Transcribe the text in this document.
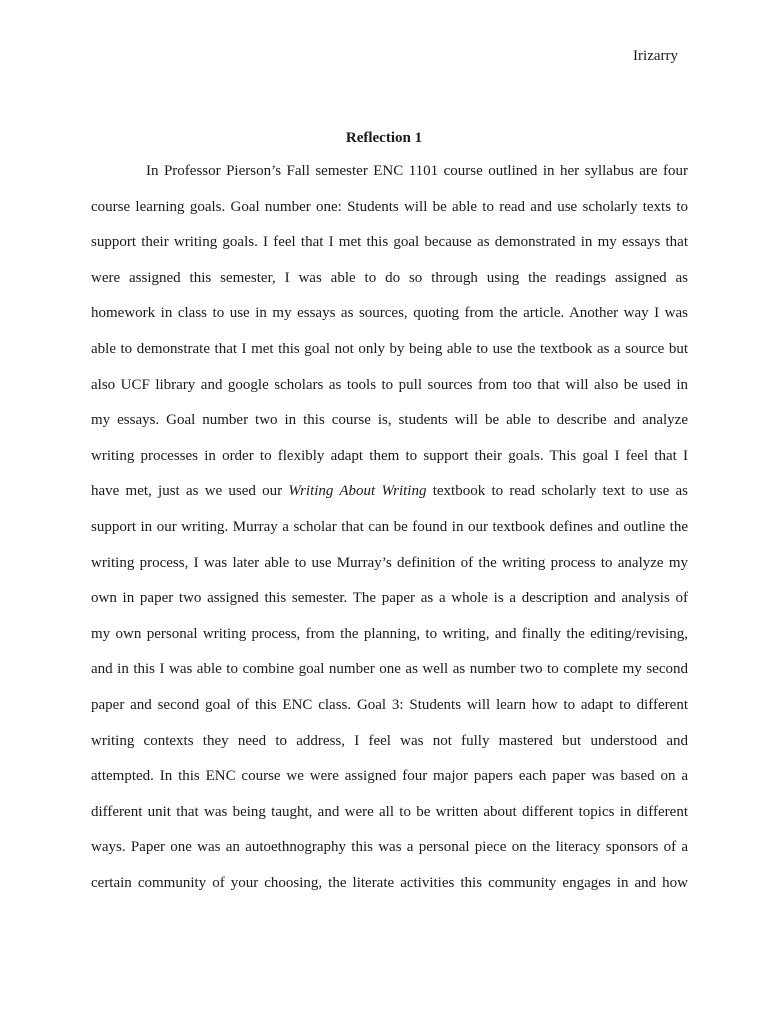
Irizarry
Reflection 1
In Professor Pierson’s Fall semester ENC 1101 course outlined in her syllabus are four
course learning goals. Goal number one: Students will be able to read and use scholarly texts to
support their writing goals. I feel that I met this goal because as demonstrated in my essays that
were assigned this semester, I was able to do so through using the readings assigned as
homework in class to use in my essays as sources, quoting from the article. Another way I was
able to demonstrate that I met this goal not only by being able to use the textbook as a source but
also UCF library and google scholars as tools to pull sources from too that will also be used in
my essays. Goal number two in this course is, students will be able to describe and analyze
writing processes in order to flexibly adapt them to support their goals. This goal I feel that I
have met, just as we used our Writing About Writing textbook to read scholarly text to use as
support in our writing. Murray a scholar that can be found in our textbook defines and outline the
writing process, I was later able to use Murray’s definition of the writing process to analyze my
own in paper two assigned this semester. The paper as a whole is a description and analysis of
my own personal writing process, from the planning, to writing, and finally the editing/revising,
and in this I was able to combine goal number one as well as number two to complete my second
paper and second goal of this ENC class. Goal 3: Students will learn how to adapt to different
writing contexts they need to address, I feel was not fully mastered but understood and
attempted. In this ENC course we were assigned four major papers each paper was based on a
different unit that was being taught, and were all to be written about different topics in different
ways. Paper one was an autoethnography this was a personal piece on the literacy sponsors of a
certain community of your choosing, the literate activities this community engages in and how
